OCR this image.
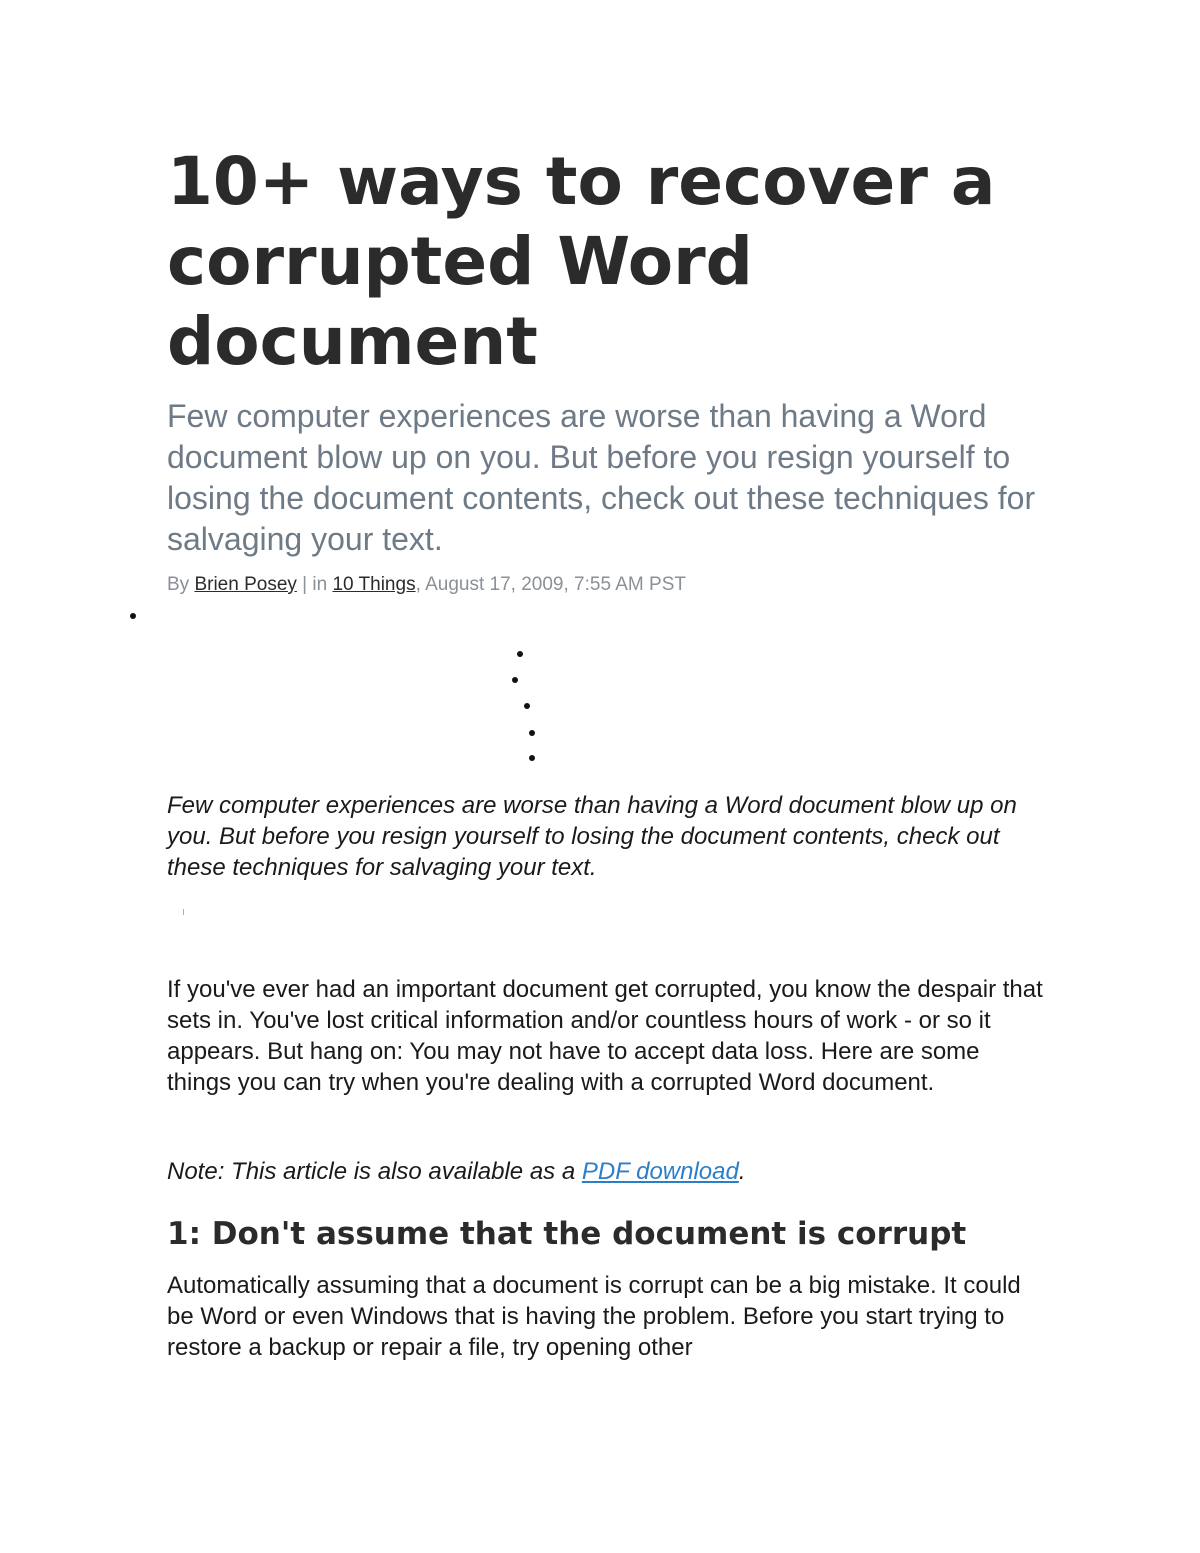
10+ ways to recover a corrupted Word document

Few computer experiences are worse than having a Word document blow up on you. But before you resign yourself to losing the document contents, check out these techniques for salvaging your text.

By Brien Posey | in 10 Things, August 17, 2009, 7:55 AM PST

Few computer experiences are worse than having a Word document blow up on you. But before you resign yourself to losing the document contents, check out these techniques for salvaging your text.

If you've ever had an important document get corrupted, you know the despair that sets in. You've lost critical information and/or countless hours of work - or so it appears. But hang on: You may not have to accept data loss. Here are some things you can try when you're dealing with a corrupted Word document.

Note: This article is also available as a PDF download.

1: Don't assume that the document is corrupt

Automatically assuming that a document is corrupt can be a big mistake. It could be Word or even Windows that is having the problem. Before you start trying to restore a backup or repair a file, try opening other
